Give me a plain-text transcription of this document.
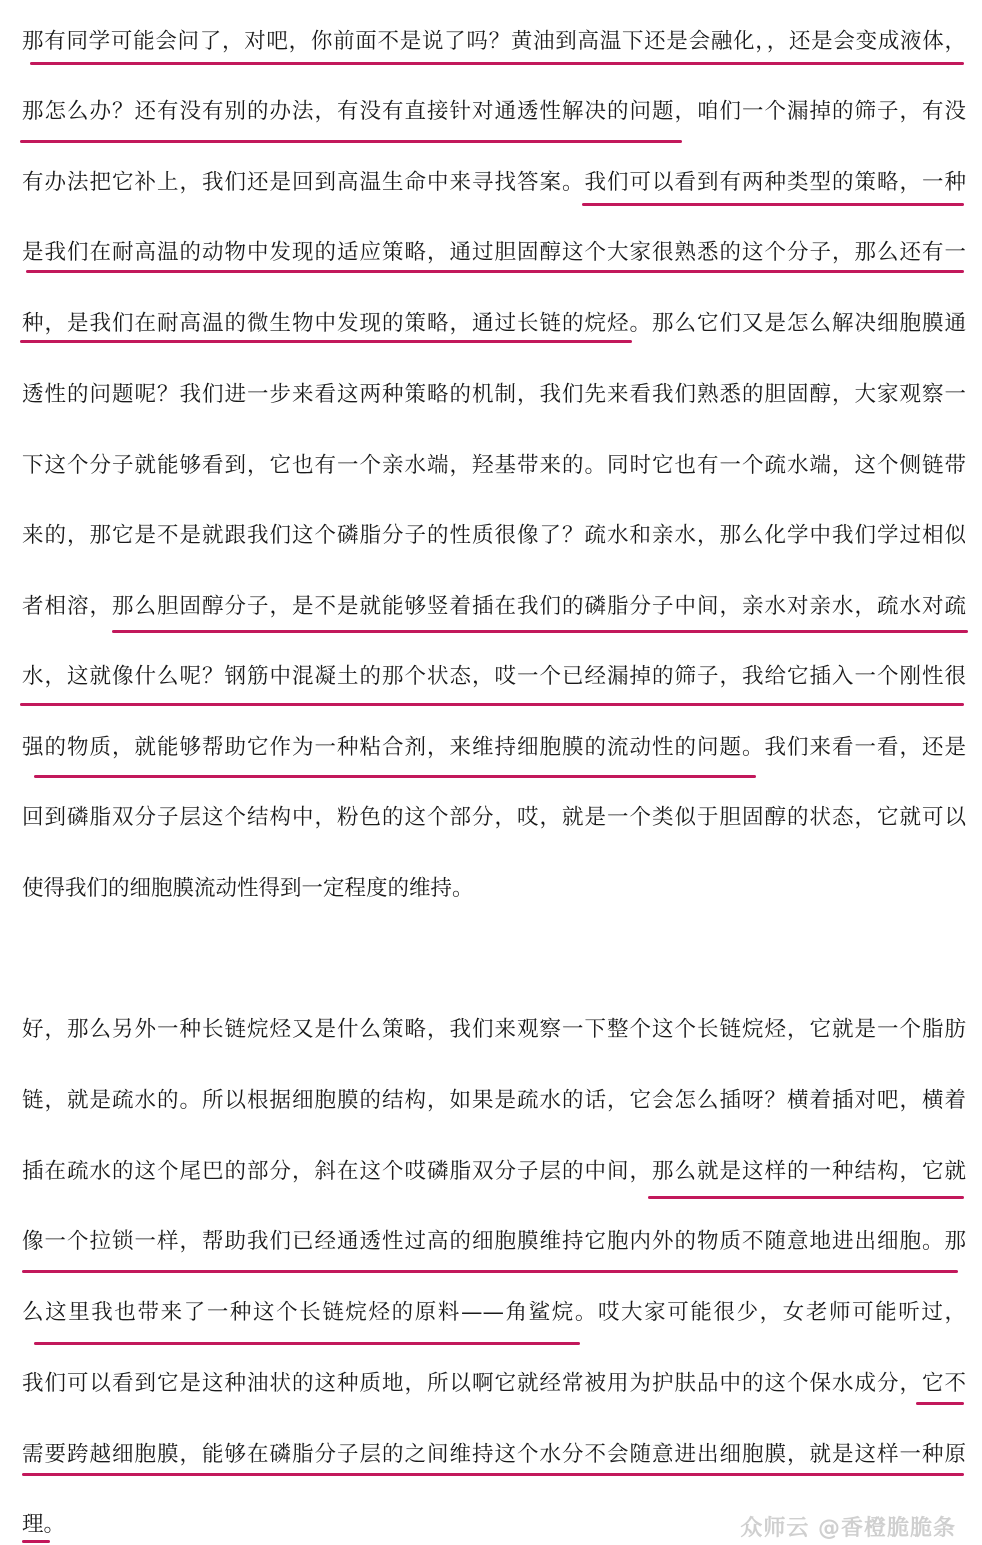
那有同学可能会问了，对吧，你前面不是说了吗？黄油到高温下还是会融化，，还是会变成液体，
那怎么办？还有没有别的办法，有没有直接针对通透性解决的问题，咱们一个漏掉的筛子，有没
有办法把它补上，我们还是回到高温生命中来寻找答案。我们可以看到有两种类型的策略，一种
是我们在耐高温的动物中发现的适应策略，通过胆固醇这个大家很熟悉的这个分子，那么还有一
种，是我们在耐高温的微生物中发现的策略，通过长链的烷烃。那么它们又是怎么解决细胞膜通
透性的问题呢？我们进一步来看这两种策略的机制，我们先来看我们熟悉的胆固醇，大家观察一
下这个分子就能够看到，它也有一个亲水端，羟基带来的。同时它也有一个疏水端，这个侧链带
来的，那它是不是就跟我们这个磷脂分子的性质很像了？疏水和亲水，那么化学中我们学过相似
者相溶，那么胆固醇分子，是不是就能够竖着插在我们的磷脂分子中间，亲水对亲水，疏水对疏
水，这就像什么呢？钢筋中混凝土的那个状态，哎一个已经漏掉的筛子，我给它插入一个刚性很
强的物质，就能够帮助它作为一种粘合剂，来维持细胞膜的流动性的问题。我们来看一看，还是
回到磷脂双分子层这个结构中，粉色的这个部分，哎，就是一个类似于胆固醇的状态，它就可以
使得我们的细胞膜流动性得到一定程度的维持。
好，那么另外一种长链烷烃又是什么策略，我们来观察一下整个这个长链烷烃，它就是一个脂肪
链，就是疏水的。所以根据细胞膜的结构，如果是疏水的话，它会怎么插呀？横着插对吧，横着
插在疏水的这个尾巴的部分，斜在这个哎磷脂双分子层的中间，那么就是这样的一种结构，它就
像一个拉锁一样，帮助我们已经通透性过高的细胞膜维持它胞内外的物质不随意地进出细胞。那
么这里我也带来了一种这个长链烷烃的原料——角鲨烷。哎大家可能很少，女老师可能听过，
我们可以看到它是这种油状的这种质地，所以啊它就经常被用为护肤品中的这个保水成分，它不
需要跨越细胞膜，能够在磷脂分子层的之间维持这个水分不会随意进出细胞膜，就是这样一种原
理。	众师云 @香橙脆脆条
